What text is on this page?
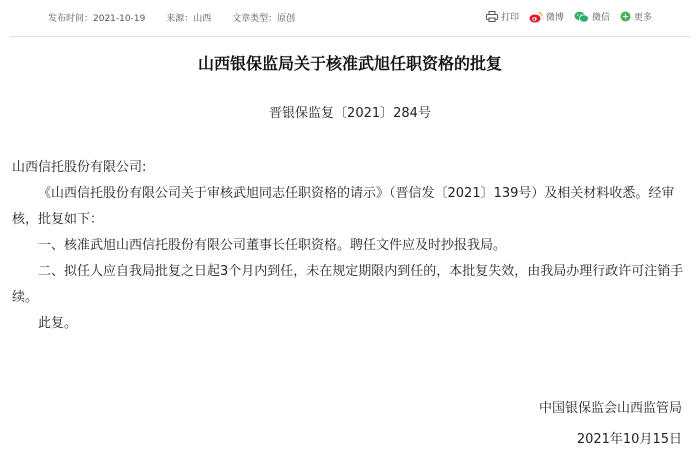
发布时间：2021-10-19 来源：山西 文章类型：原创	打印	微博	微信	更多
山西银保监局关于核准武旭任职资格的批复
晋银保监复〔2021〕284号
山西信托股份有限公司:
《山西信托股份有限公司关于审核武旭同志任职资格的请示》（晋信发〔2021〕139号）及相关材料收悉。经审核，批复如下：
一、核准武旭山西信托股份有限公司董事长任职资格。聘任文件应及时抄报我局。
二、拟任人应自我局批复之日起3个月内到任，未在规定期限内到任的，本批复失效，由我局办理行政许可注销手续。
此复。
中国银保监会山西监管局
2021年10月15日
